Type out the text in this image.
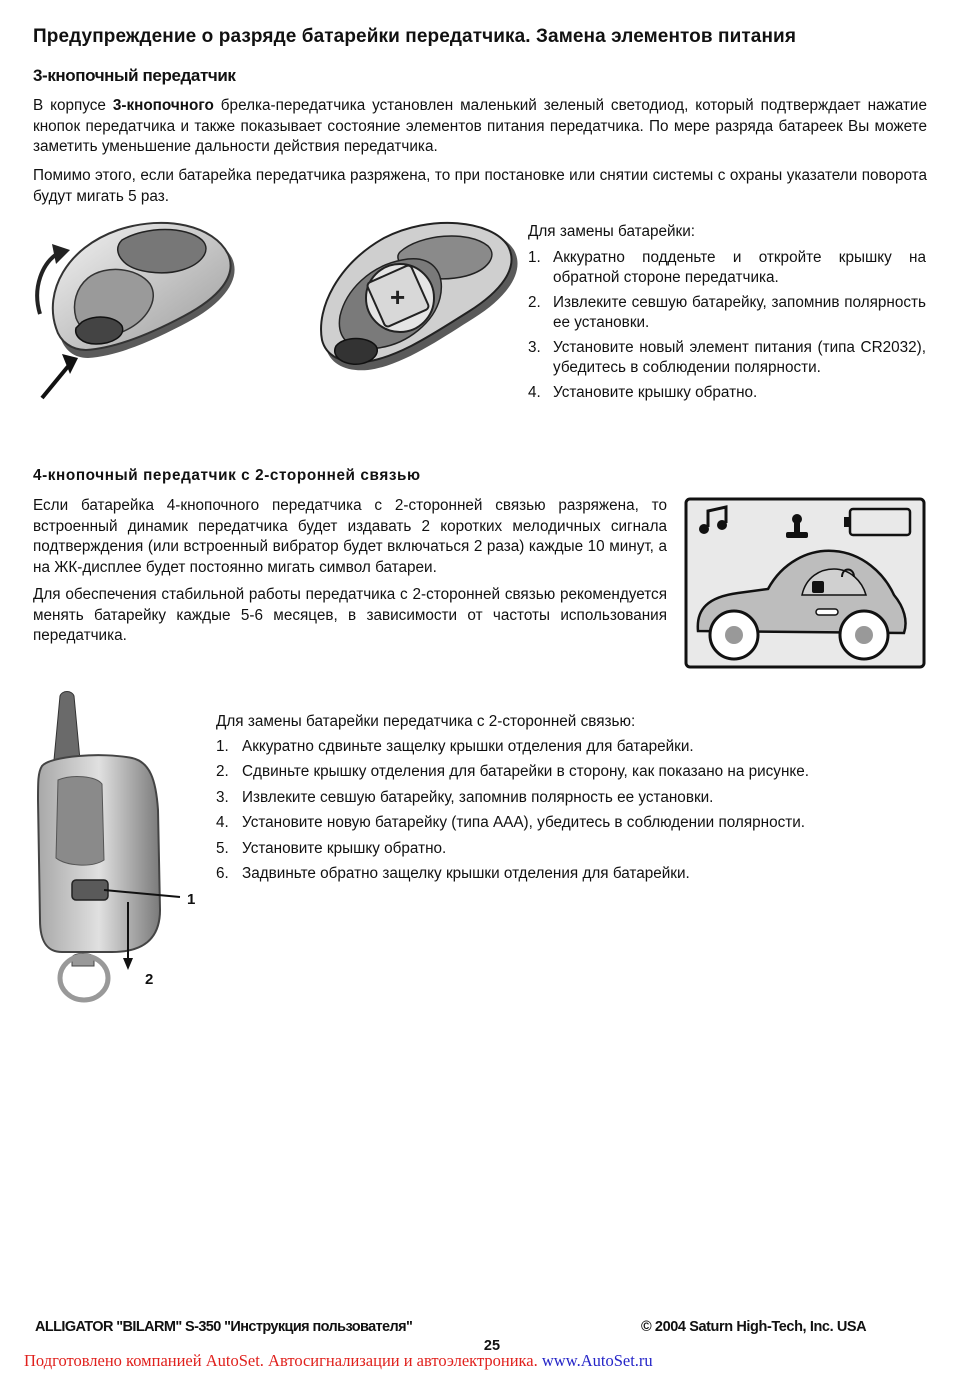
Предупреждение о разряде батарейки передатчика. Замена элементов питания
3-кнопочный передатчик

В корпусе 3-кнопочного брелка-передатчика установлен маленький зеленый светодиод, который подтверждает нажатие кнопок передатчика и также показывает состояние элементов питания передатчика. По мере разряда батареек Вы можете заметить уменьшение дальности действия передатчика.

Помимо этого, если батарейка передатчика разряжена, то при постановке или снятии системы с охраны указатели поворота будут мигать 5 раз.

+
Для замены батарейки:
1. Аккуратно подденьте и откройте крышку на обратной стороне передатчика.
2. Извлеките севшую батарейку, запомнив полярность ее установки.
3. Установите новый элемент питания (типа CR2032), убедитесь в соблюдении полярности.
4. Установите крышку обратно.
4-кнопочный передатчик с 2-сторонней связью

Если батарейка 4-кнопочного передатчика с 2-сторонней связью разряжена, то встроенный динамик передатчика будет издавать 2 коротких мелодичных сигнала подтверждения (или встроенный вибратор будет включаться 2 раза) каждые 10 минут, а на ЖК-дисплее будет постоянно мигать символ батареи.

Для обеспечения стабильной работы передатчика с 2-сторонней связью рекомендуется менять батарейку каждые 5-6 месяцев, в зависимости от частоты использования передатчика.

1
2
Для замены батарейки передатчика с 2-сторонней связью:
1. Аккуратно сдвиньте защелку крышки отделения для батарейки.
2. Сдвиньте крышку отделения для батарейки в сторону, как показано на рисунке.
3. Извлеките севшую батарейку, запомнив полярность ее установки.
4. Установите новую батарейку (типа ААА), убедитесь в соблюдении полярности.
5. Установите крышку обратно.
6. Задвиньте обратно защелку крышки отделения для батарейки.
ALLIGATOR "BILARM" S-350 "Инструкция пользователя"	© 2004 Saturn High-Tech, Inc. USA
25
Подготовлено компанией AutoSet. Автосигнализации и автоэлектроника. www.AutoSet.ru
